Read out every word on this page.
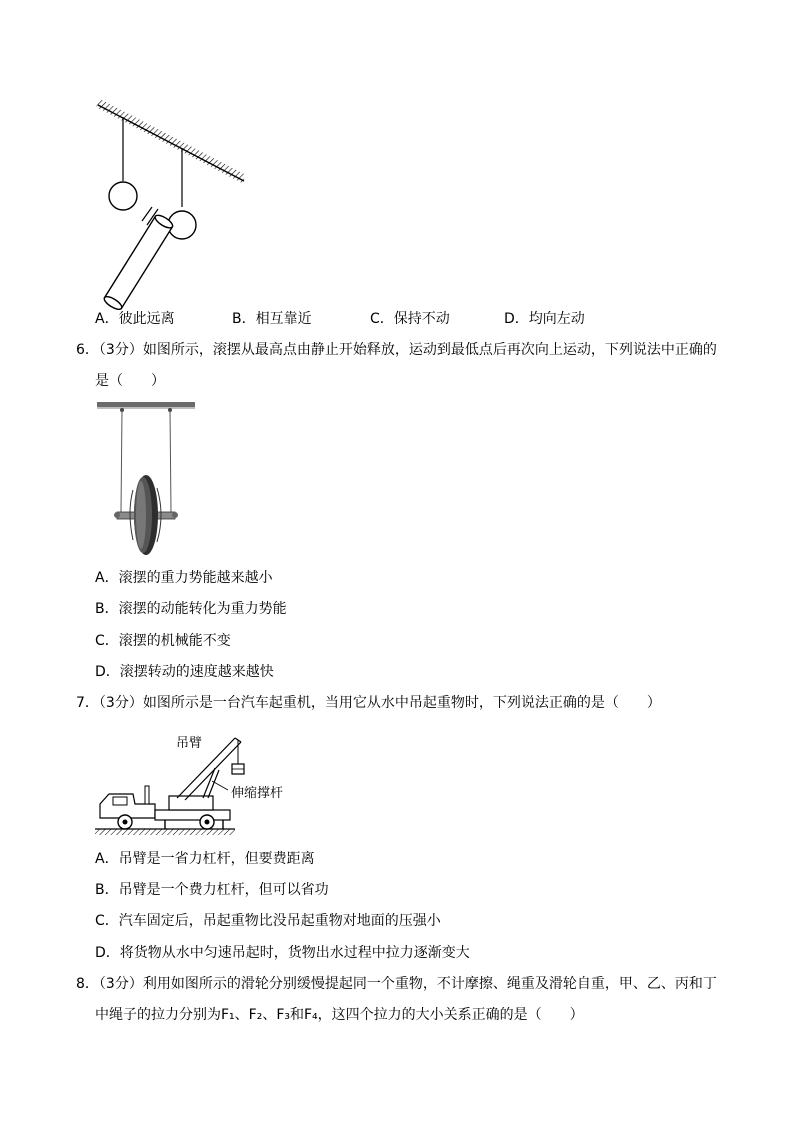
A．彼此远离	B．相互靠近	C．保持不动	D．均向左动
6．（3分）如图所示，滚摆从最高点由静止开始释放，运动到最低点后再次向上运动，下列说法中正确的
是（　　）
A．滚摆的重力势能越来越小
B．滚摆的动能转化为重力势能
C．滚摆的机械能不变
D．滚摆转动的速度越来越快
7．（3分）如图所示是一台汽车起重机，当用它从水中吊起重物时，下列说法正确的是（　　）
吊臂
伸缩撑杆
A．吊臂是一省力杠杆，但要费距离
B．吊臂是一个费力杠杆，但可以省功
C．汽车固定后，吊起重物比没吊起重物对地面的压强小
D．将货物从水中匀速吊起时，货物出水过程中拉力逐渐变大
8．（3分）利用如图所示的滑轮分别缓慢提起同一个重物，不计摩擦、绳重及滑轮自重，甲、乙、丙和丁
中绳子的拉力分别为F₁、F₂、F₃和F₄，这四个拉力的大小关系正确的是（　　）
